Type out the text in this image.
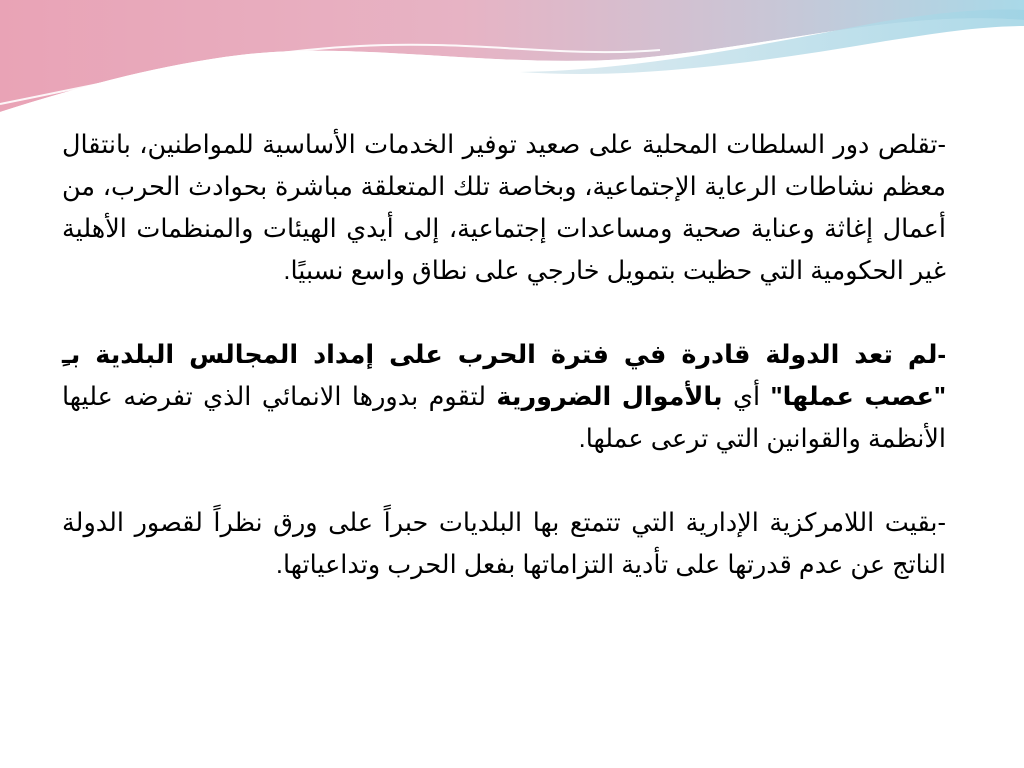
-تقلص دور السلطات المحلية على صعيد توفير الخدمات الأساسية للمواطنين، بانتقال معظم نشاطات الرعاية الإجتماعية، وبخاصة تلك المتعلقة مباشرة بحوادث الحرب، من أعمال إغاثة وعناية صحية ومساعدات إجتماعية، إلى أيدي الهيئات والمنظمات الأهلية غير الحكومية التي حظيت بتمويل خارجي على نطاق واسع نسبيًا.

-لم تعد الدولة قادرة في فترة الحرب على إمداد المجالس البلدية بـِ "عصب عملها" أي بالأموال الضرورية لتقوم بدورها الانمائي الذي تفرضه عليها الأنظمة والقوانين التي ترعى عملها.

-بقيت اللامركزية الإدارية التي تتمتع بها البلديات حبراً على ورق نظراً لقصور الدولة الناتج عن عدم قدرتها على تأدية التزاماتها بفعل الحرب وتداعياتها.
